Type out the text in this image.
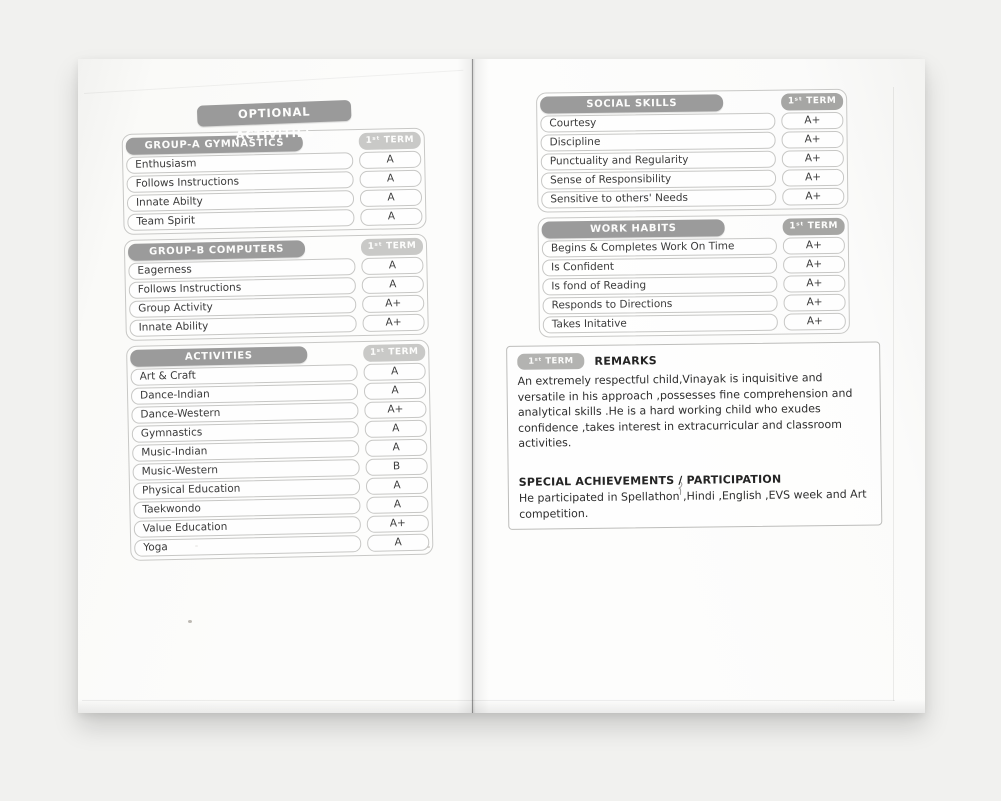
OPTIONAL ACTIVITIES
GROUP-A GYMNASTICS	1ˢᵗ TERM
Enthusiasm	A
Follows Instructions	A
Innate Abilty	A
Team Spirit	A
GROUP-B COMPUTERS	1ˢᵗ TERM
Eagerness	A
Follows Instructions	A
Group Activity	A+
Innate Ability	A+
ACTIVITIES	1ˢᵗ TERM
Art & Craft	A
Dance-Indian	A
Dance-Western	A+
Gymnastics	A
Music-Indian	A
Music-Western	B
Physical Education	A
Taekwondo	A
Value Education	A+
Yoga	A
SOCIAL SKILLS	1ˢᵗ TERM
Courtesy	A+
Discipline	A+
Punctuality and Regularity	A+
Sense of Responsibility	A+
Sensitive to others' Needs	A+
WORK HABITS	1ˢᵗ TERM
Begins & Completes Work On Time	A+
Is Confident	A+
Is fond of Reading	A+
Responds to Directions	A+
Takes Initative	A+
1ˢᵗ TERM	REMARKS

An extremely respectful child,Vinayak is inquisitive and versatile in his approach ,possesses fine comprehension and analytical skills .He is a hard working child who exudes confidence ,takes interest in extracurricular and classroom activities.

SPECIAL ACHIEVEMENTS / PARTICIPATION

He participated in Spellathon ,Hindi ,English ,EVS week and Art competition.
